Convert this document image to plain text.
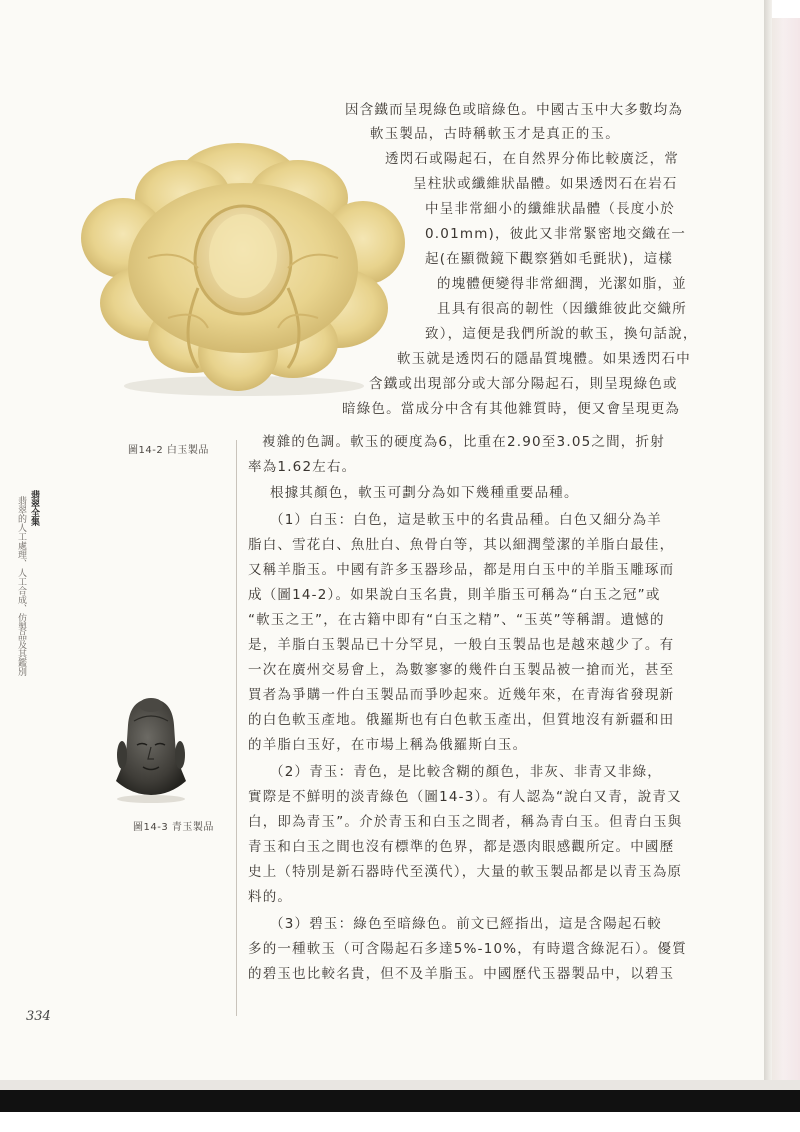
圖14-2 白玉製品
圖14-3 青玉製品
翡翠全集
翡翠的人工處理、人工合成、仿製品及其鑑別
334
因含鐵而呈現綠色或暗綠色。中國古玉中大多數均為
軟玉製品，古時稱軟玉才是真正的玉。
透閃石或陽起石，在自然界分佈比較廣泛，常
呈柱狀或纖維狀晶體。如果透閃石在岩石
中呈非常細小的纖維狀晶體（長度小於
0.01mm)，彼此又非常緊密地交織在一
起(在顯微鏡下觀察猶如毛氈狀)，這樣
的塊體便變得非常細潤，光潔如脂，並
且具有很高的韌性（因纖維彼此交織所
致），這便是我們所說的軟玉，換句話說，
軟玉就是透閃石的隱晶質塊體。如果透閃石中
含鐵或出現部分或大部分陽起石，則呈現綠色或
暗綠色。當成分中含有其他雜質時，便又會呈現更為
複雜的色調。軟玉的硬度為6，比重在2.90至3.05之間，折射
率為1.62左右。
根據其顏色，軟玉可劃分為如下幾種重要品種。
（1）白玉：白色，這是軟玉中的名貴品種。白色又細分為羊
脂白、雪花白、魚肚白、魚骨白等，其以細潤瑩潔的羊脂白最佳，
又稱羊脂玉。中國有許多玉器珍品，都是用白玉中的羊脂玉雕琢而
成（圖14-2）。如果說白玉名貴，則羊脂玉可稱為“白玉之冠”或
“軟玉之王”，在古籍中即有“白玉之精”、“玉英”等稱謂。遺憾的
是，羊脂白玉製品已十分罕見，一般白玉製品也是越來越少了。有
一次在廣州交易會上，為數寥寥的幾件白玉製品被一搶而光，甚至
買者為爭購一件白玉製品而爭吵起來。近幾年來，在青海省發現新
的白色軟玉產地。俄羅斯也有白色軟玉產出，但質地沒有新疆和田
的羊脂白玉好，在市場上稱為俄羅斯白玉。
（2）青玉：青色，是比較含糊的顏色，非灰、非青又非綠，
實際是不鮮明的淡青綠色（圖14-3）。有人認為“說白又青，說青又
白，即為青玉”。介於青玉和白玉之間者，稱為青白玉。但青白玉與
青玉和白玉之間也沒有標準的色界，都是憑肉眼感觀所定。中國歷
史上（特別是新石器時代至漢代），大量的軟玉製品都是以青玉為原
料的。
（3）碧玉：綠色至暗綠色。前文已經指出，這是含陽起石較
多的一種軟玉（可含陽起石多達5%-10%，有時還含綠泥石）。優質
的碧玉也比較名貴，但不及羊脂玉。中國歷代玉器製品中，以碧玉
